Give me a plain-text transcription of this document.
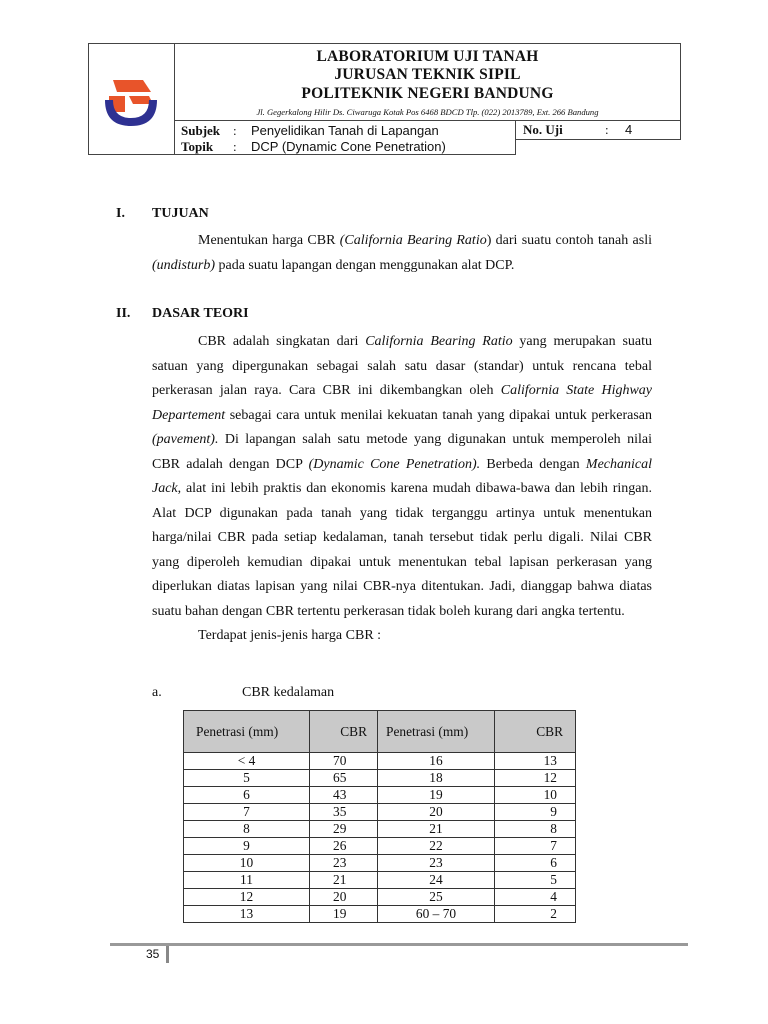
LABORATORIUM UJI TANAH
JURUSAN TEKNIK SIPIL
POLITEKNIK NEGERI BANDUNG
Jl. Gegerkalong Hilir Ds. Ciwaruga Kotak Pos 6468 BDCD Tlp. (022) 2013789, Ext. 266 Bandung
Subjek : Penyelidikan Tanah di Lapangan
Topik : DCP (Dynamic Cone Penetration)
No. Uji	: 4
I. TUJUAN

Menentukan harga CBR (California Bearing Ratio) dari suatu contoh tanah asli (undisturb) pada suatu lapangan dengan menggunakan alat DCP.

II. DASAR TEORI

CBR adalah singkatan dari California Bearing Ratio yang merupakan suatu satuan yang dipergunakan sebagai salah satu dasar (standar) untuk rencana tebal perkerasan jalan raya. Cara CBR ini dikembangkan oleh California State Highway Departement sebagai cara untuk menilai kekuatan tanah yang dipakai untuk perkerasan (pavement). Di lapangan salah satu metode yang digunakan untuk memperoleh nilai CBR adalah dengan DCP (Dynamic Cone Penetration). Berbeda dengan Mechanical Jack, alat ini lebih praktis dan ekonomis karena mudah dibawa-bawa dan lebih ringan. Alat DCP digunakan pada tanah yang tidak terganggu artinya untuk menentukan harga/nilai CBR pada setiap kedalaman, tanah tersebut tidak perlu digali. Nilai CBR yang diperoleh kemudian dipakai untuk menentukan tebal lapisan perkerasan yang diperlukan diatas lapisan yang nilai CBR-nya ditentukan. Jadi, dianggap bahwa diatas suatu bahan dengan CBR tertentu perkerasan tidak boleh kurang dari angka tertentu.

Terdapat jenis-jenis harga CBR :

a.	CBR kedalaman
Penetrasi (mm)	CBR	Penetrasi (mm)	CBR
< 4	70	16	13
5	65	18	12
6	43	19	10
7	35	20	9
8	29	21	8
9	26	22	7
10	23	23	6
11	21	24	5
12	20	25	4
13	19	60 – 70	2
35
